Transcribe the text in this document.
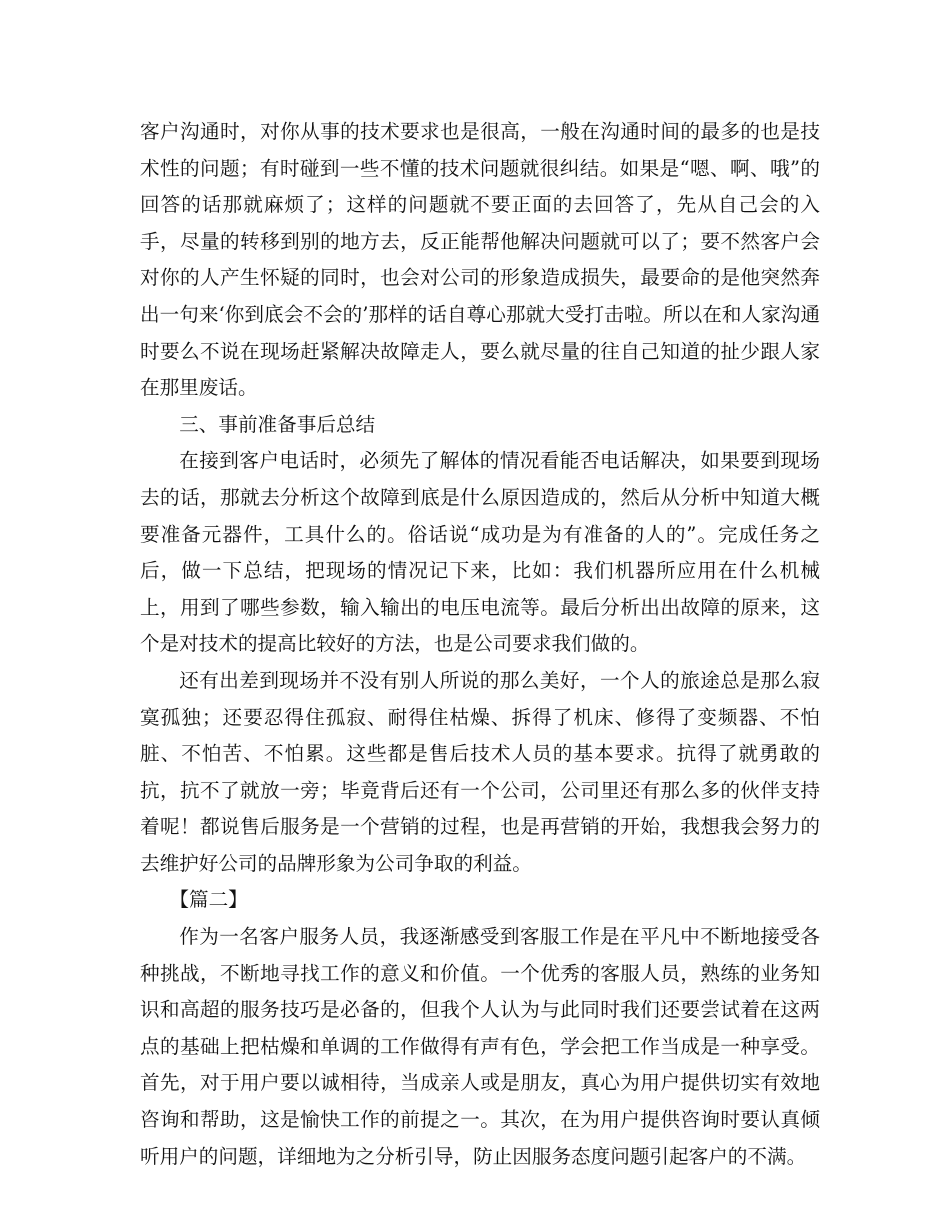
客户沟通时，对你从事的技术要求也是很高，一般在沟通时间的最多的也是技术性的问题；有时碰到一些不懂的技术问题就很纠结。如果是“嗯、啊、哦”的回答的话那就麻烦了；这样的问题就不要正面的去回答了，先从自己会的入手，尽量的转移到别的地方去，反正能帮他解决问题就可以了；要不然客户会对你的人产生怀疑的同时，也会对公司的形象造成损失，最要命的是他突然奔出一句来‘你到底会不会的’那样的话自尊心那就大受打击啦。所以在和人家沟通时要么不说在现场赶紧解决故障走人，要么就尽量的往自己知道的扯少跟人家在那里废话。

三、事前准备事后总结

在接到客户电话时，必须先了解体的情况看能否电话解决，如果要到现场去的话，那就去分析这个故障到底是什么原因造成的，然后从分析中知道大概要准备元器件，工具什么的。俗话说“成功是为有准备的人的”。完成任务之后，做一下总结，把现场的情况记下来，比如：我们机器所应用在什么机械上，用到了哪些参数，输入输出的电压电流等。最后分析出出故障的原来，这个是对技术的提高比较好的方法，也是公司要求我们做的。

还有出差到现场并不没有别人所说的那么美好，一个人的旅途总是那么寂寞孤独；还要忍得住孤寂、耐得住枯燥、拆得了机床、修得了变频器、不怕脏、不怕苦、不怕累。这些都是售后技术人员的基本要求。抗得了就勇敢的抗，抗不了就放一旁；毕竟背后还有一个公司，公司里还有那么多的伙伴支持着呢！都说售后服务是一个营销的过程，也是再营销的开始，我想我会努力的去维护好公司的品牌形象为公司争取的利益。

【篇二】

作为一名客户服务人员，我逐渐感受到客服工作是在平凡中不断地接受各种挑战，不断地寻找工作的意义和价值。一个优秀的客服人员，熟练的业务知识和高超的服务技巧是必备的，但我个人认为与此同时我们还要尝试着在这两点的基础上把枯燥和单调的工作做得有声有色，学会把工作当成是一种享受。首先，对于用户要以诚相待，当成亲人或是朋友，真心为用户提供切实有效地咨询和帮助，这是愉快工作的前提之一。其次，在为用户提供咨询时要认真倾听用户的问题，详细地为之分析引导，防止因服务态度问题引起客户的不满。
